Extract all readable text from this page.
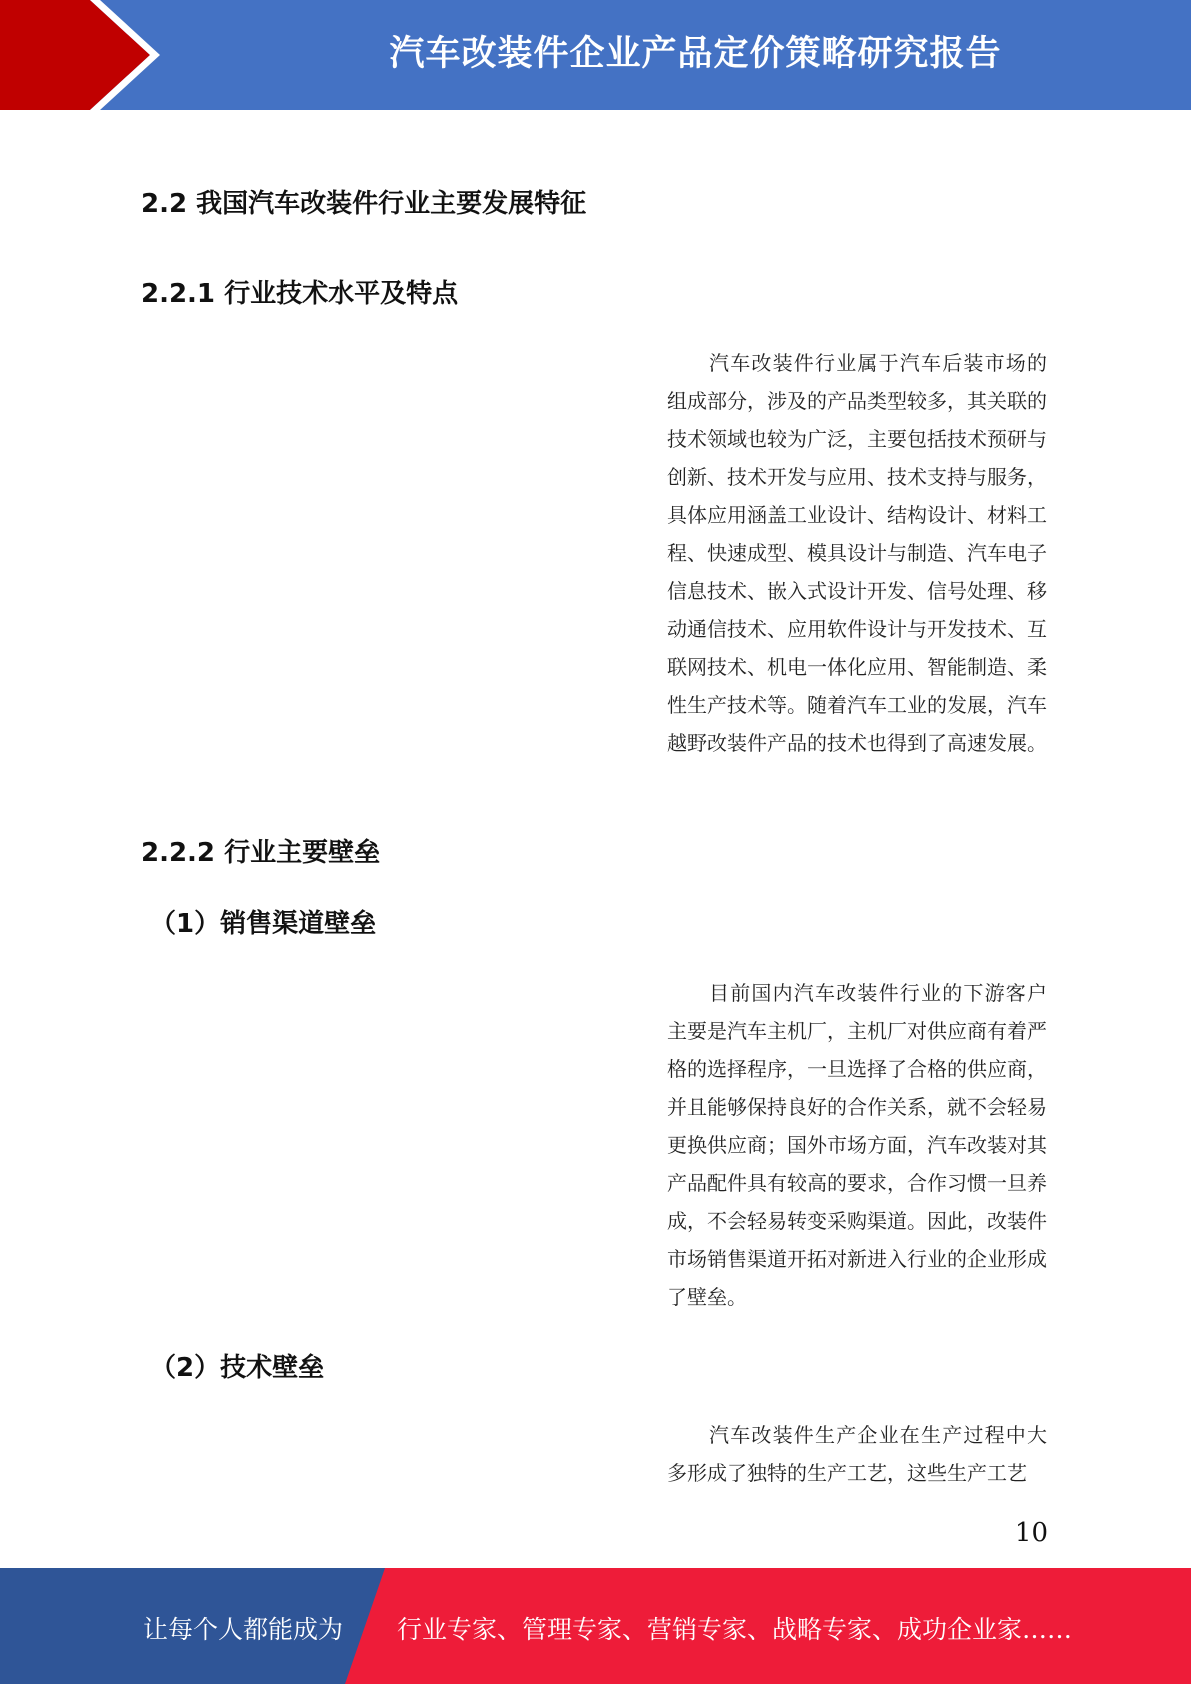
汽车改装件企业产品定价策略研究报告
2.2 我国汽车改装件行业主要发展特征
2.2.1 行业技术水平及特点

汽车改装件行业属于汽车后装市场的组成部分，涉及的产品类型较多，其关联的技术领域也较为广泛，主要包括技术预研与创新、技术开发与应用、技术支持与服务，具体应用涵盖工业设计、结构设计、材料工程、快速成型、模具设计与制造、汽车电子信息技术、嵌入式设计开发、信号处理、移动通信技术、应用软件设计与开发技术、互联网技术、机电一体化应用、智能制造、柔性生产技术等。随着汽车工业的发展，汽车越野改装件产品的技术也得到了高速发展。

2.2.2 行业主要壁垒
（1）销售渠道壁垒

目前国内汽车改装件行业的下游客户主要是汽车主机厂，主机厂对供应商有着严格的选择程序，一旦选择了合格的供应商，并且能够保持良好的合作关系，就不会轻易更换供应商；国外市场方面，汽车改装对其产品配件具有较高的要求，合作习惯一旦养成，不会轻易转变采购渠道。因此，改装件市场销售渠道开拓对新进入行业的企业形成了壁垒。

（2）技术壁垒

汽车改装件生产企业在生产过程中大多形成了独特的生产工艺，这些生产工艺

10
让每个人都能成为 行业专家、管理专家、营销专家、战略专家、成功企业家……
